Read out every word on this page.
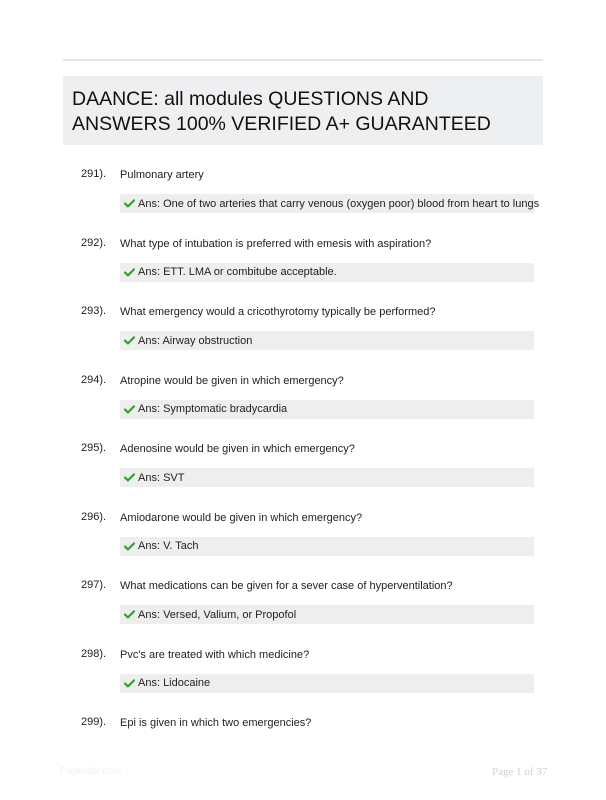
DAANCE: all modules QUESTIONS AND
ANSWERS 100% VERIFIED A+ GUARANTEED
291). Pulmonary artery
Ans: One of two arteries that carry venous (oxygen poor) blood from heart to lungs
292). What type of intubation is preferred with emesis with aspiration?
Ans: ETT. LMA or combitube acceptable.
293). What emergency would a cricothyrotomy typically be performed?
Ans: Airway obstruction
294). Atropine would be given in which emergency?
Ans: Symptomatic bradycardia
295). Adenosine would be given in which emergency?
Ans: SVT
296). Amiodarone would be given in which emergency?
Ans: V. Tach
297). What medications can be given for a sever case of hyperventilation?
Ans: Versed, Valium, or Propofol
298). Pvc's are treated with which medicine?
Ans: Lidocaine
299). Epi is given in which two emergencies?
Paperlibr.com	Page 1 of 37
